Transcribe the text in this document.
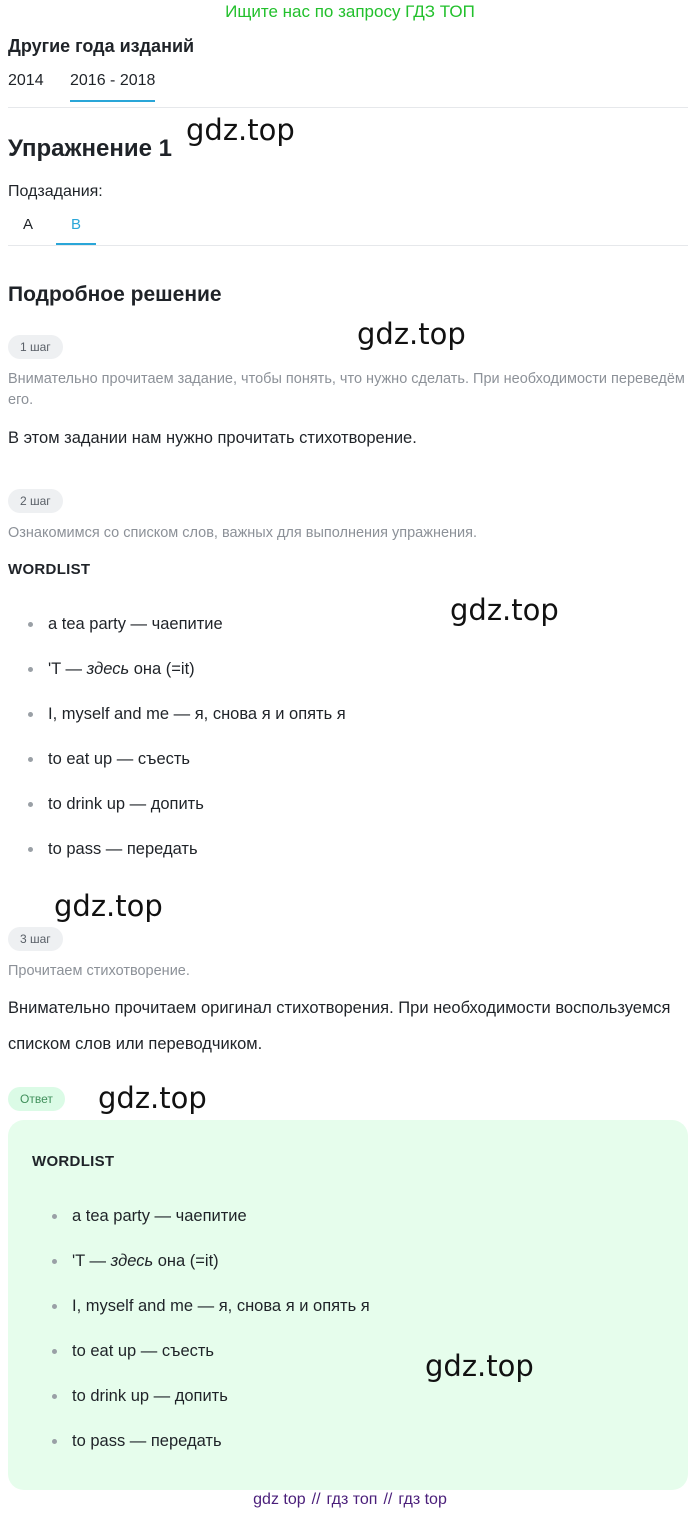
Ищите нас по запросу ГДЗ ТОП
Другие года изданий
2014 2016 - 2018
Упражнение 1
gdz.top
Подзадания:
A	B
Подробное решение
gdz.top
1 шаг
Внимательно прочитаем задание, чтобы понять, что нужно сделать. При необходимости переведём его.
В этом задании нам нужно прочитать стихотворение.
2 шаг
Ознакомимся со списком слов, важных для выполнения упражнения.
WORDLIST
gdz.top
a tea party — чаепитие
'T — здесь она (=it)
I, myself and me — я, снова я и опять я
to eat up — съесть
to drink up — допить
to pass — передать
gdz.top
3 шаг
Прочитаем стихотворение.
Внимательно прочитаем оригинал стихотворения. При необходимости воспользуемся списком слов или переводчиком.
Ответ	gdz.top
WORDLIST
a tea party — чаепитие
'T — здесь она (=it)
I, myself and me — я, снова я и опять я
to eat up — съесть
to drink up — допить
to pass — передать
gdz.top
gdz top // гдз топ // гдз top
